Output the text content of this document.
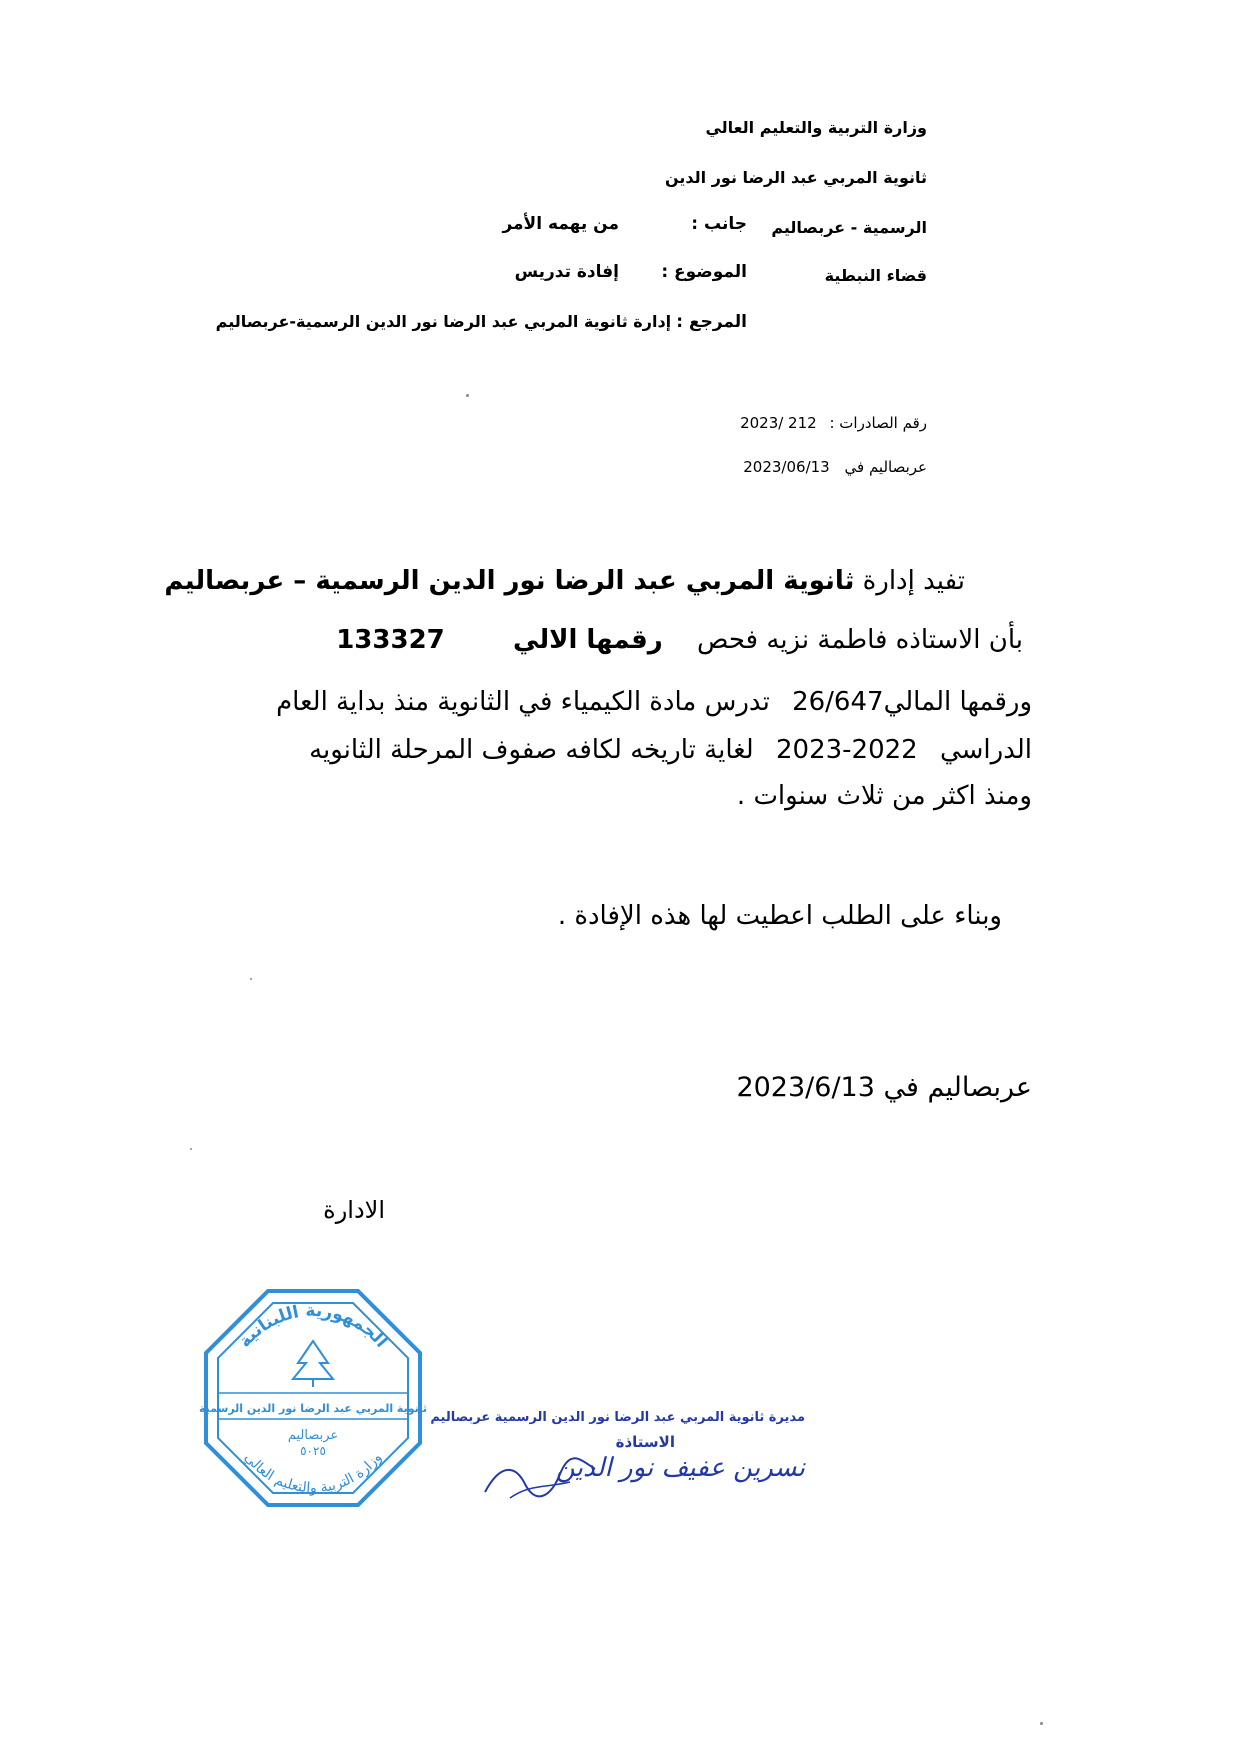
وزارة التربية والتعليم العالي
ثانوية المربي عبد الرضا نور الدين
الرسمية - عربصاليم
قضاء النبطية
جانب :
من يهمه الأمر
الموضوع :
إفادة تدريس
المرجع : إدارة ثانوية المربي عبد الرضا نور الدين الرسمية-عربصاليم
رقم الصادرات : 2023/ 212
عربصاليم في 2023/06/13
تفيد إدارة ثانوية المربي عبد الرضا نور الدين الرسمية – عربصاليم
بأن الاستاذه فاطمة نزيه فحص رقمها الالي 133327
ورقمها المالي26/647 تدرس مادة الكيمياء في الثانوية منذ بداية العام
الدراسي 2023-2022 لغاية تاريخه لكافه صفوف المرحلة الثانويه
ومنذ اكثر من ثلاث سنوات .
وبناء على الطلب اعطيت لها هذه الإفادة .
عربصاليم في 2023/6/13
الادارة
الجمهورية اللبنانية
ثانوية المربي عبد الرضا نور الدين الرسمية
عربصاليم
٥٠٢٥
وزارة التربية والتعليم العالي
مديرة ثانوية المربي عبد الرضا نور الدين الرسمية عربصاليم
الاستاذة
نسرين عفيف نور الدين
